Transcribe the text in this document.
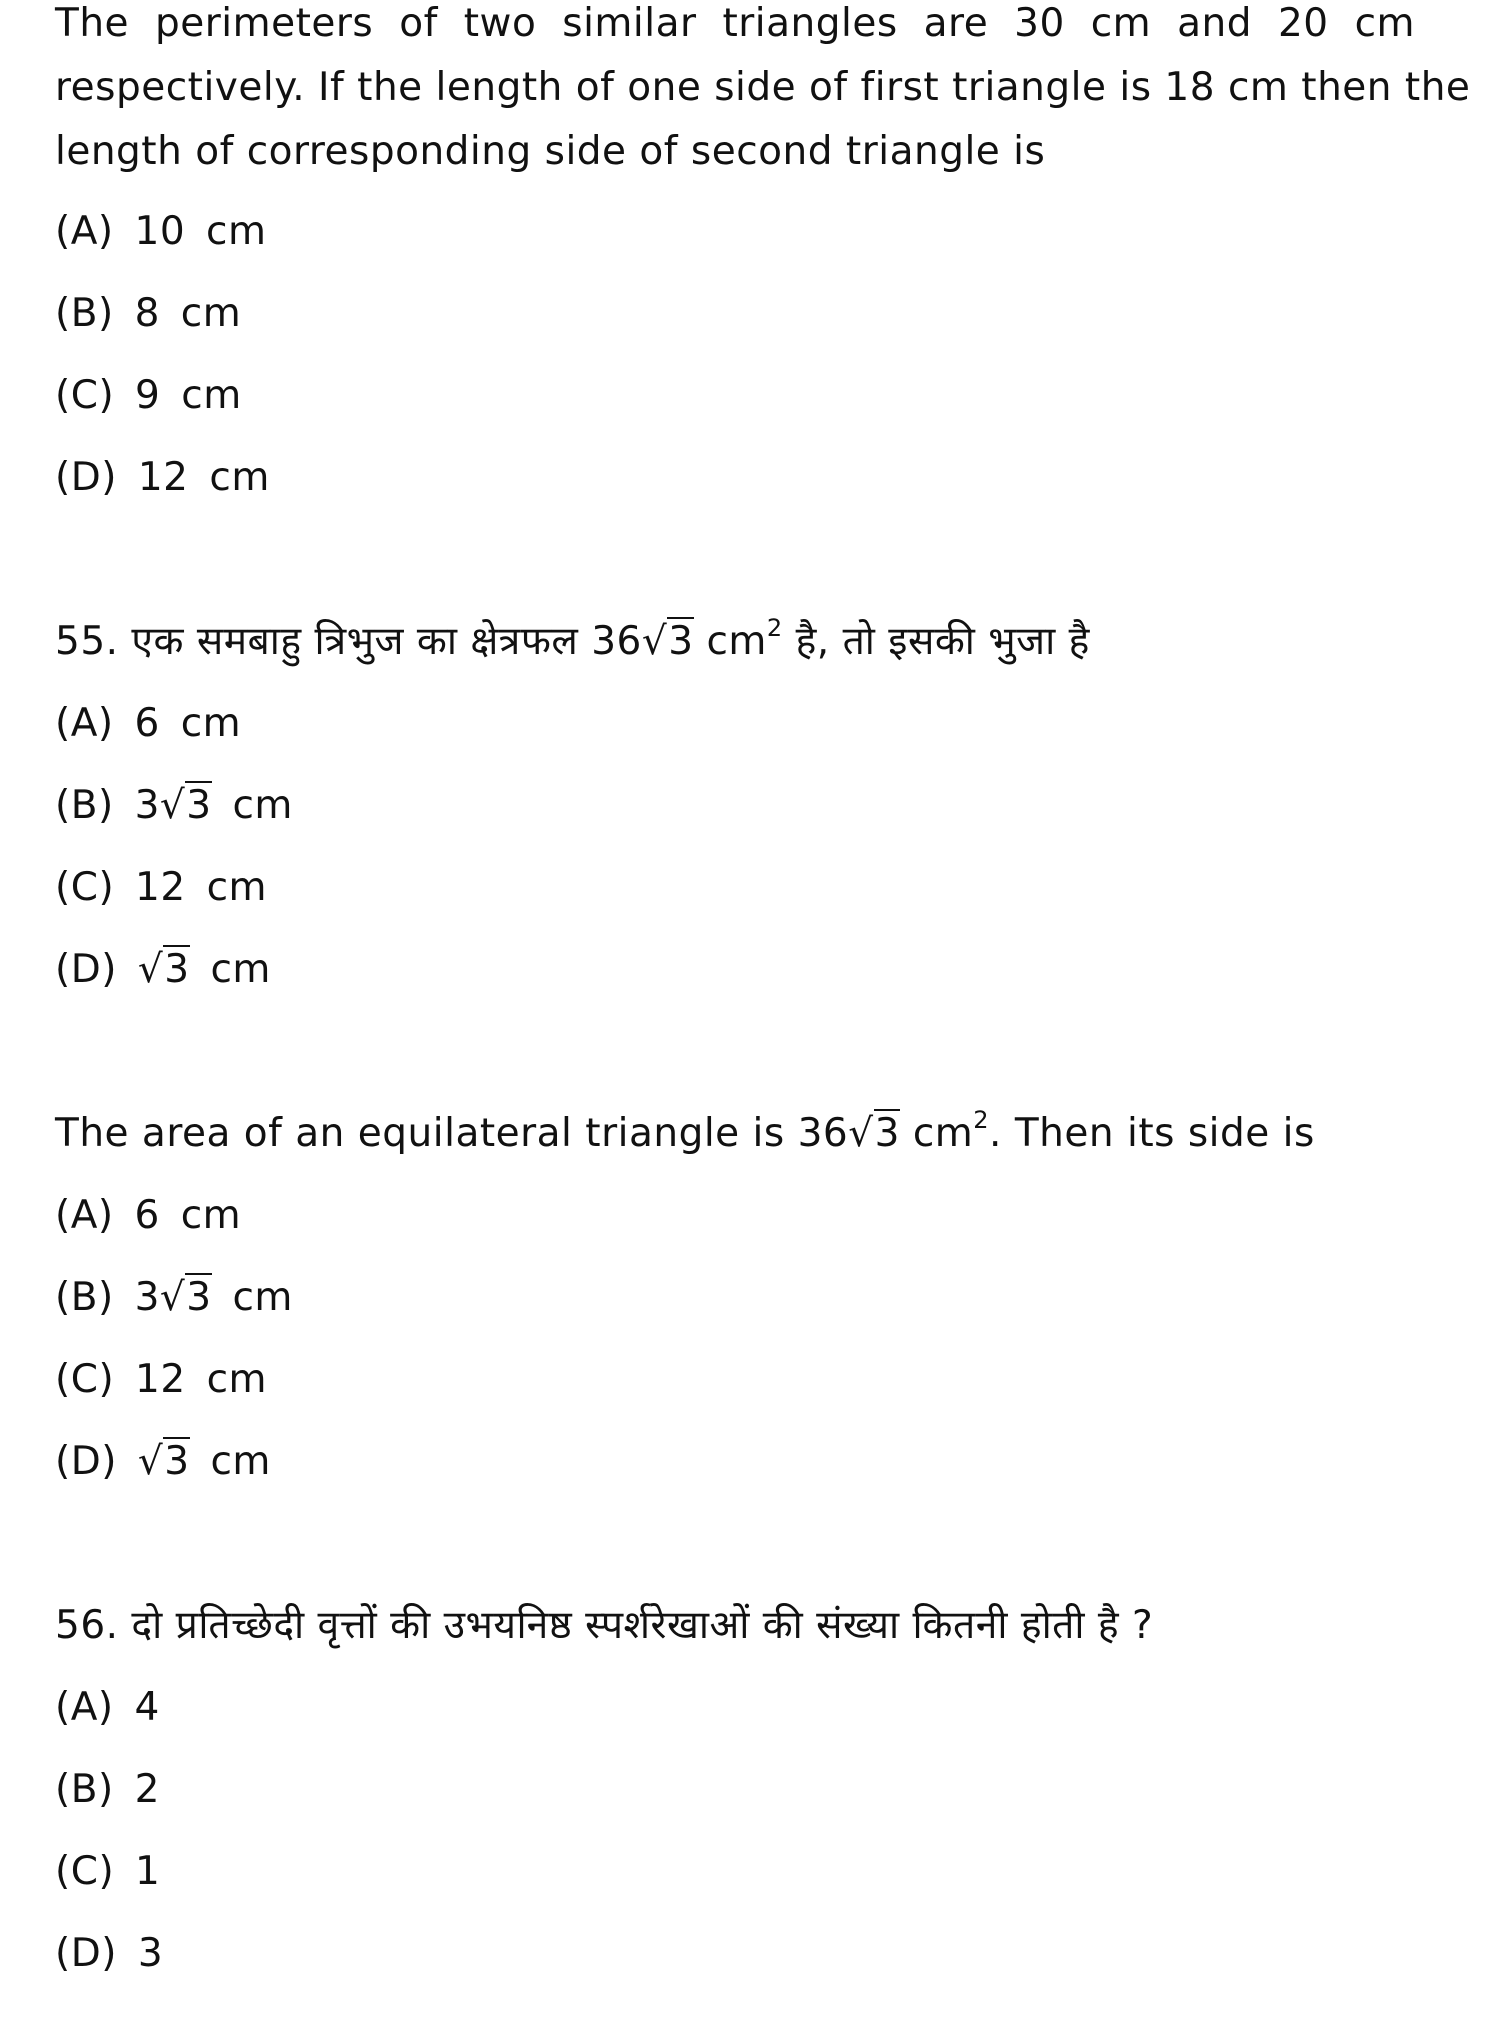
The perimeters of two similar triangles are 30 cm and 20 cm
respectively. If the length of one side of first triangle is 18 cm then the
length of corresponding side of second triangle is
(A) 10 cm
(B) 8 cm
(C) 9 cm
(D) 12 cm
55. एक समबाहु त्रिभुज का क्षेत्रफल 36√3 $cm^2$ है, तो इसकी भुजा है
(A) 6 cm
(B) 3√3 cm
(C) 12 cm
(D) √3 cm
The area of an equilateral triangle is 36√3 $cm^2$. Then its side is
(A) 6 cm
(B) 3√3 cm
(C) 12 cm
(D) √3 cm
56. दो प्रतिच्छेदी वृत्तों की उभयनिष्ठ स्पर्शरेखाओं की संख्या कितनी होती है ?
(A) 4
(B) 2
(C) 1
(D) 3
